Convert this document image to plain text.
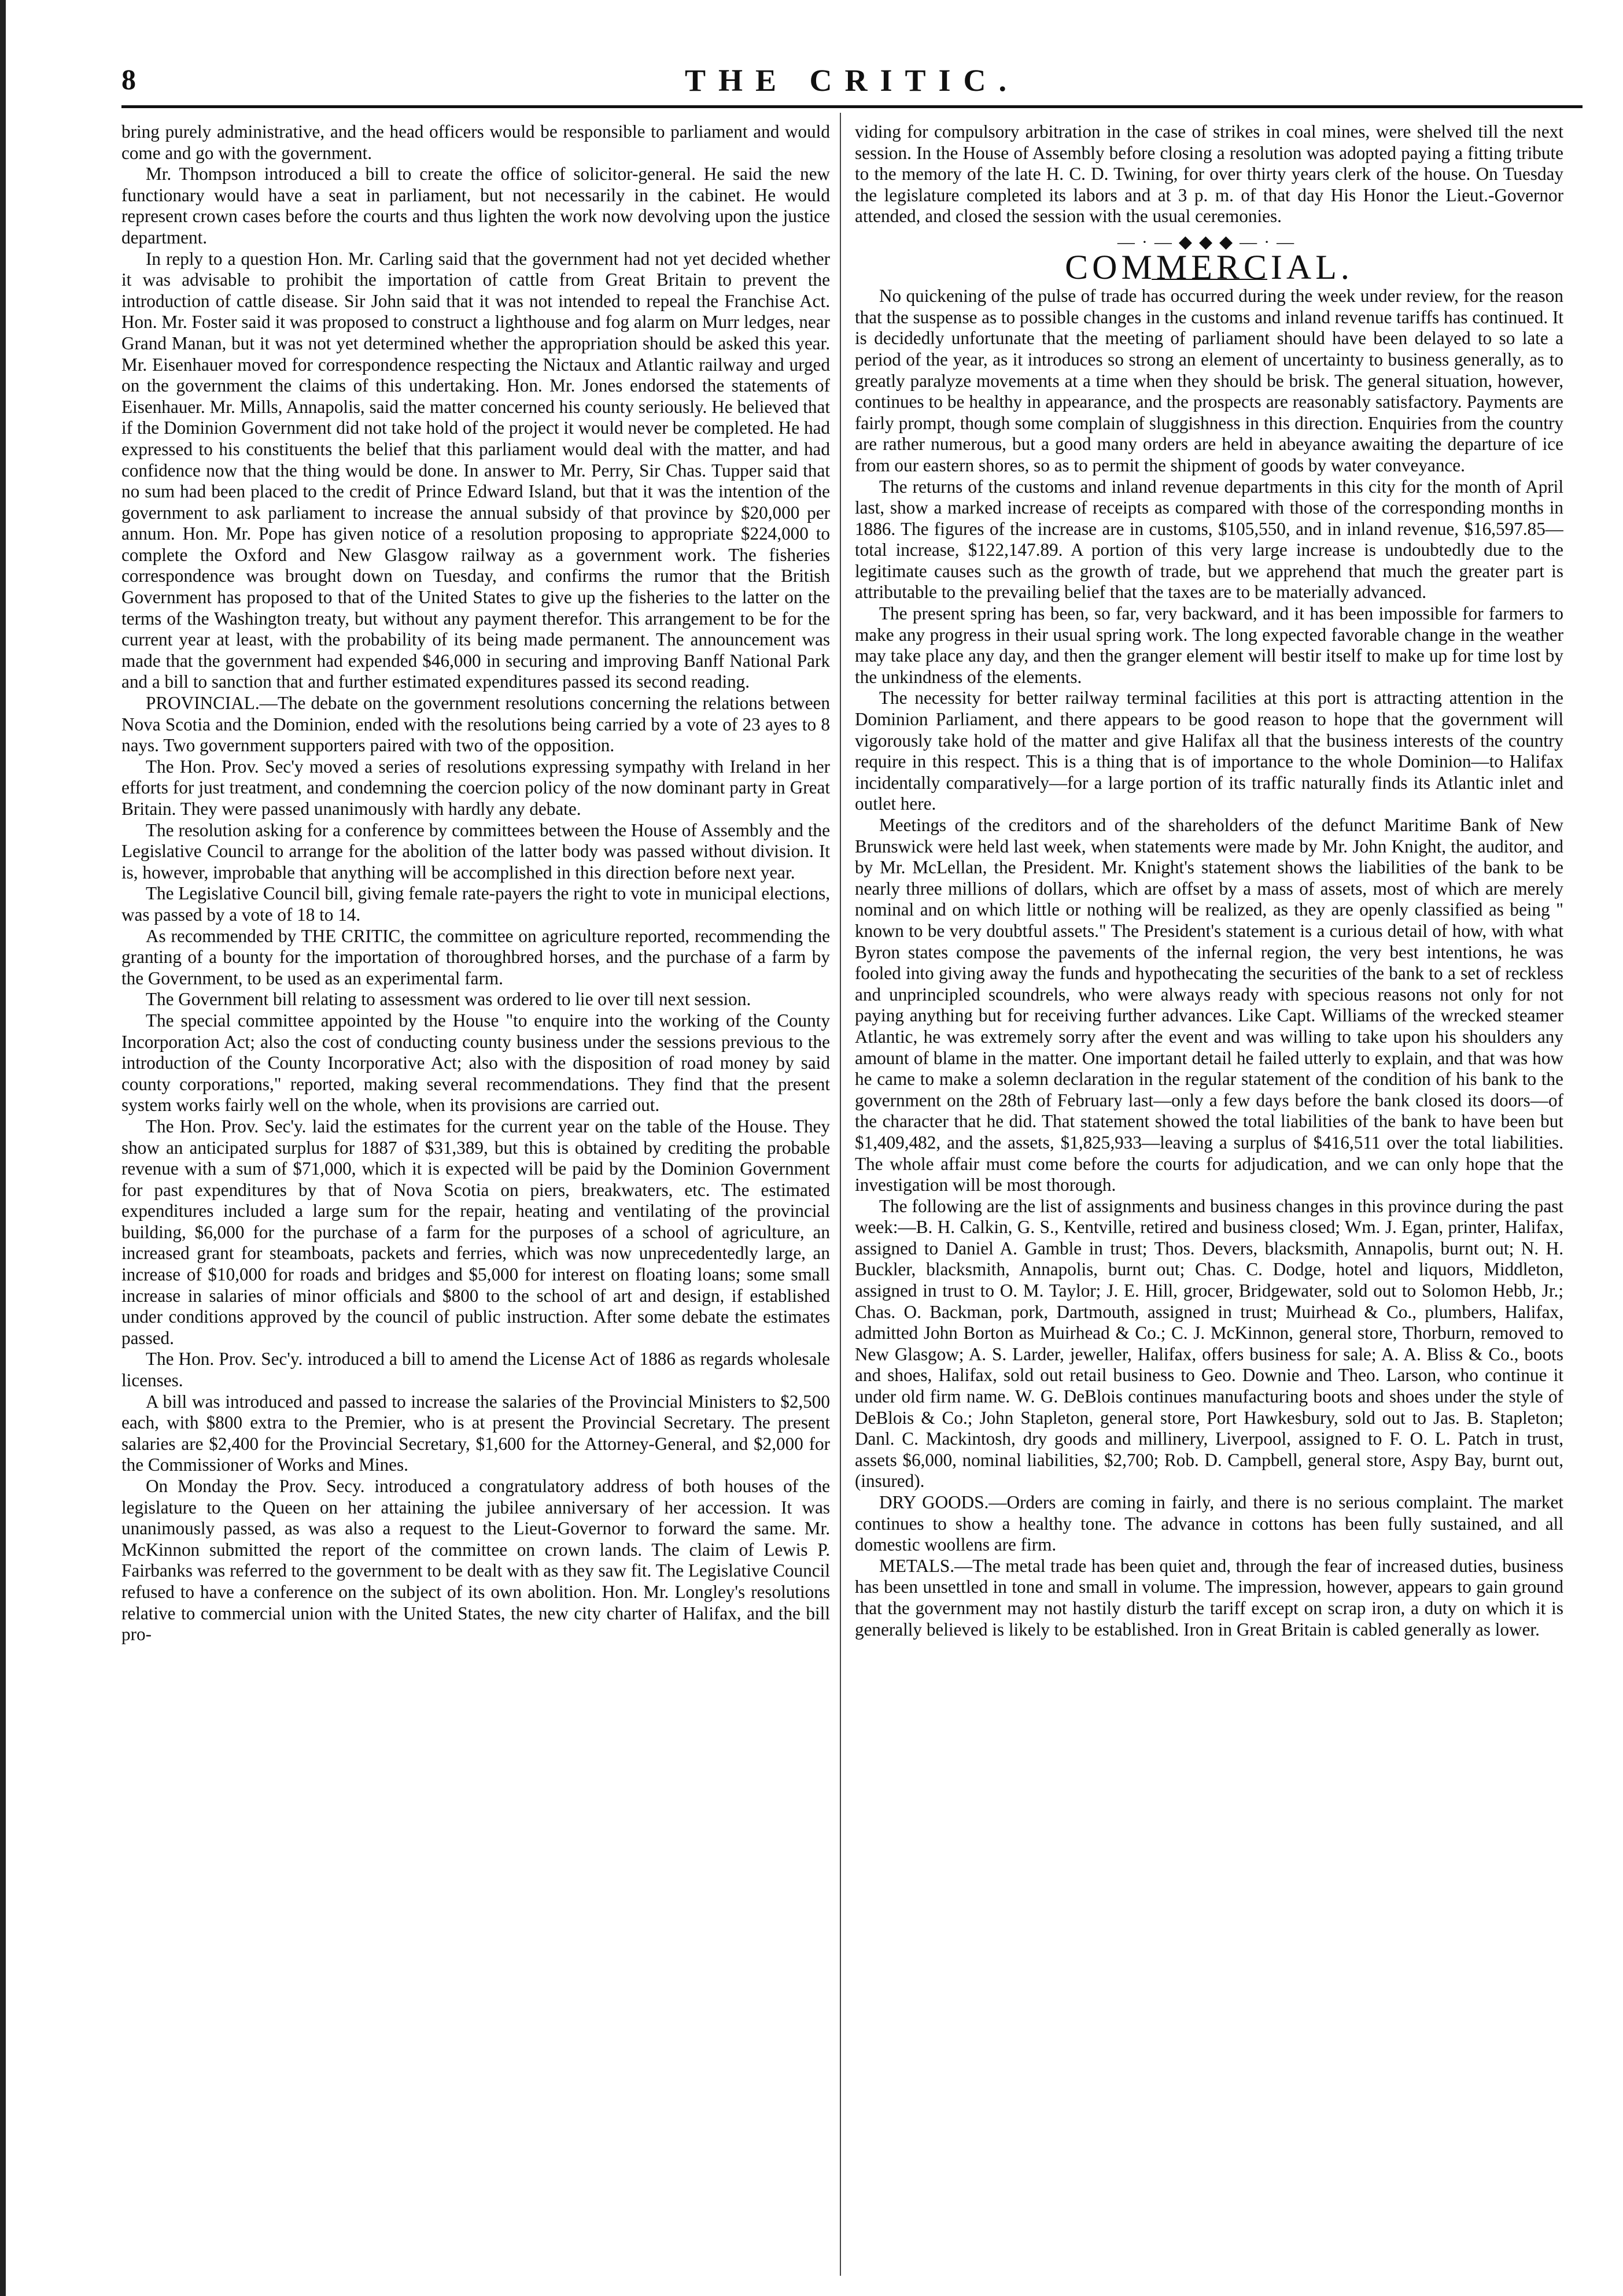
THE CRITIC.
8

bring purely administrative, and the head officers would be responsible to parliament and would come and go with the government.

Mr. Thompson introduced a bill to create the office of solicitor-general. He said the new functionary would have a seat in parliament, but not necessarily in the cabinet. He would represent crown cases before the courts and thus lighten the work now devolving upon the justice department.

In reply to a question Hon. Mr. Carling said that the government had not yet decided whether it was advisable to prohibit the importation of cattle from Great Britain to prevent the introduction of cattle disease. Sir John said that it was not intended to repeal the Franchise Act. Hon. Mr. Foster said it was proposed to construct a lighthouse and fog alarm on Murr ledges, near Grand Manan, but it was not yet determined whether the appropriation should be asked this year. Mr. Eisenhauer moved for correspondence respecting the Nictaux and Atlantic railway and urged on the government the claims of this undertaking. Hon. Mr. Jones endorsed the statements of Eisenhauer. Mr. Mills, Annapolis, said the matter concerned his county seriously. He believed that if the Dominion Government did not take hold of the project it would never be completed. He had expressed to his constituents the belief that this parliament would deal with the matter, and had confidence now that the thing would be done. In answer to Mr. Perry, Sir Chas. Tupper said that no sum had been placed to the credit of Prince Edward Island, but that it was the intention of the government to ask parliament to increase the annual subsidy of that province by $20,000 per annum. Hon. Mr. Pope has given notice of a resolution proposing to appropriate $224,000 to complete the Oxford and New Glasgow railway as a government work. The fisheries correspondence was brought down on Tuesday, and confirms the rumor that the British Government has proposed to that of the United States to give up the fisheries to the latter on the terms of the Washington treaty, but without any payment therefor. This arrangement to be for the current year at least, with the probability of its being made permanent. The announcement was made that the government had expended $46,000 in securing and improving Banff National Park and a bill to sanction that and further estimated expenditures passed its second reading.

PROVINCIAL.—The debate on the government resolutions concerning the relations between Nova Scotia and the Dominion, ended with the resolutions being carried by a vote of 23 ayes to 8 nays. Two government supporters paired with two of the opposition.

The Hon. Prov. Sec'y moved a series of resolutions expressing sympathy with Ireland in her efforts for just treatment, and condemning the coercion policy of the now dominant party in Great Britain. They were passed unanimously with hardly any debate.

The resolution asking for a conference by committees between the House of Assembly and the Legislative Council to arrange for the abolition of the latter body was passed without division. It is, however, improbable that anything will be accomplished in this direction before next year.

The Legislative Council bill, giving female rate-payers the right to vote in municipal elections, was passed by a vote of 18 to 14.

As recommended by THE CRITIC, the committee on agriculture reported, recommending the granting of a bounty for the importation of thoroughbred horses, and the purchase of a farm by the Government, to be used as an experimental farm.

The Government bill relating to assessment was ordered to lie over till next session.

The special committee appointed by the House "to enquire into the working of the County Incorporation Act; also the cost of conducting county business under the sessions previous to the introduction of the County Incorporative Act; also with the disposition of road money by said county corporations," reported, making several recommendations. They find that the present system works fairly well on the whole, when its provisions are carried out.

The Hon. Prov. Sec'y. laid the estimates for the current year on the table of the House. They show an anticipated surplus for 1887 of $31,389, but this is obtained by crediting the probable revenue with a sum of $71,000, which it is expected will be paid by the Dominion Government for past expenditures by that of Nova Scotia on piers, breakwaters, etc. The estimated expenditures included a large sum for the repair, heating and ventilating of the provincial building, $6,000 for the purchase of a farm for the purposes of a school of agriculture, an increased grant for steamboats, packets and ferries, which was now unprecedentedly large, an increase of $10,000 for roads and bridges and $5,000 for interest on floating loans; some small increase in salaries of minor officials and $800 to the school of art and design, if established under conditions approved by the council of public instruction. After some debate the estimates passed.

The Hon. Prov. Sec'y. introduced a bill to amend the License Act of 1886 as regards wholesale licenses.

A bill was introduced and passed to increase the salaries of the Provincial Ministers to $2,500 each, with $800 extra to the Premier, who is at present the Provincial Secretary. The present salaries are $2,400 for the Provincial Secretary, $1,600 for the Attorney-General, and $2,000 for the Commissioner of Works and Mines.

On Monday the Prov. Secy. introduced a congratulatory address of both houses of the legislature to the Queen on her attaining the jubilee anniversary of her accession. It was unanimously passed, as was also a request to the Lieut-Governor to forward the same. Mr. McKinnon submitted the report of the committee on crown lands. The claim of Lewis P. Fairbanks was referred to the government to be dealt with as they saw fit. The Legislative Council refused to have a conference on the subject of its own abolition. Hon. Mr. Longley's resolutions relative to commercial union with the United States, the new city charter of Halifax, and the bill pro-

viding for compulsory arbitration in the case of strikes in coal mines, were shelved till the next session. In the House of Assembly before closing a resolution was adopted paying a fitting tribute to the memory of the late H. C. D. Twining, for over thirty years clerk of the house. On Tuesday the legislature completed its labors and at 3 p. m. of that day His Honor the Lieut.-Governor attended, and closed the session with the usual ceremonies.

—·—◆◆◆—·—
COMMERCIAL.

No quickening of the pulse of trade has occurred during the week under review, for the reason that the suspense as to possible changes in the customs and inland revenue tariffs has continued. It is decidedly unfortunate that the meeting of parliament should have been delayed to so late a period of the year, as it introduces so strong an element of uncertainty to business generally, as to greatly paralyze movements at a time when they should be brisk. The general situation, however, continues to be healthy in appearance, and the prospects are reasonably satisfactory. Payments are fairly prompt, though some complain of sluggishness in this direction. Enquiries from the country are rather numerous, but a good many orders are held in abeyance awaiting the departure of ice from our eastern shores, so as to permit the shipment of goods by water conveyance.

The returns of the customs and inland revenue departments in this city for the month of April last, show a marked increase of receipts as compared with those of the corresponding months in 1886. The figures of the increase are in customs, $105,550, and in inland revenue, $16,597.85—total increase, $122,147.89. A portion of this very large increase is undoubtedly due to the legitimate causes such as the growth of trade, but we apprehend that much the greater part is attributable to the prevailing belief that the taxes are to be materially advanced.

The present spring has been, so far, very backward, and it has been impossible for farmers to make any progress in their usual spring work. The long expected favorable change in the weather may take place any day, and then the granger element will bestir itself to make up for time lost by the unkindness of the elements.

The necessity for better railway terminal facilities at this port is attracting attention in the Dominion Parliament, and there appears to be good reason to hope that the government will vigorously take hold of the matter and give Halifax all that the business interests of the country require in this respect. This is a thing that is of importance to the whole Dominion—to Halifax incidentally comparatively—for a large portion of its traffic naturally finds its Atlantic inlet and outlet here.

Meetings of the creditors and of the shareholders of the defunct Maritime Bank of New Brunswick were held last week, when statements were made by Mr. John Knight, the auditor, and by Mr. McLellan, the President. Mr. Knight's statement shows the liabilities of the bank to be nearly three millions of dollars, which are offset by a mass of assets, most of which are merely nominal and on which little or nothing will be realized, as they are openly classified as being " known to be very doubtful assets." The President's statement is a curious detail of how, with what Byron states compose the pavements of the infernal region, the very best intentions, he was fooled into giving away the funds and hypothecating the securities of the bank to a set of reckless and unprincipled scoundrels, who were always ready with specious reasons not only for not paying anything but for receiving further advances. Like Capt. Williams of the wrecked steamer Atlantic, he was extremely sorry after the event and was willing to take upon his shoulders any amount of blame in the matter. One important detail he failed utterly to explain, and that was how he came to make a solemn declaration in the regular statement of the condition of his bank to the government on the 28th of February last—only a few days before the bank closed its doors—of the character that he did. That statement showed the total liabilities of the bank to have been but $1,409,482, and the assets, $1,825,933—leaving a surplus of $416,511 over the total liabilities. The whole affair must come before the courts for adjudication, and we can only hope that the investigation will be most thorough.

The following are the list of assignments and business changes in this province during the past week:—B. H. Calkin, G. S., Kentville, retired and business closed; Wm. J. Egan, printer, Halifax, assigned to Daniel A. Gamble in trust; Thos. Devers, blacksmith, Annapolis, burnt out; N. H. Buckler, blacksmith, Annapolis, burnt out; Chas. C. Dodge, hotel and liquors, Middleton, assigned in trust to O. M. Taylor; J. E. Hill, grocer, Bridgewater, sold out to Solomon Hebb, Jr.; Chas. O. Backman, pork, Dartmouth, assigned in trust; Muirhead & Co., plumbers, Halifax, admitted John Borton as Muirhead & Co.; C. J. McKinnon, general store, Thorburn, removed to New Glasgow; A. S. Larder, jeweller, Halifax, offers business for sale; A. A. Bliss & Co., boots and shoes, Halifax, sold out retail business to Geo. Downie and Theo. Larson, who continue it under old firm name. W. G. DeBlois continues manufacturing boots and shoes under the style of DeBlois & Co.; John Stapleton, general store, Port Hawkesbury, sold out to Jas. B. Stapleton; Danl. C. Mackintosh, dry goods and millinery, Liverpool, assigned to F. O. L. Patch in trust, assets $6,000, nominal liabilities, $2,700; Rob. D. Campbell, general store, Aspy Bay, burnt out, (insured).

DRY GOODS.—Orders are coming in fairly, and there is no serious complaint. The market continues to show a healthy tone. The advance in cottons has been fully sustained, and all domestic woollens are firm.

METALS.—The metal trade has been quiet and, through the fear of increased duties, business has been unsettled in tone and small in volume. The impression, however, appears to gain ground that the government may not hastily disturb the tariff except on scrap iron, a duty on which it is generally believed is likely to be established. Iron in Great Britain is cabled generally as lower.
